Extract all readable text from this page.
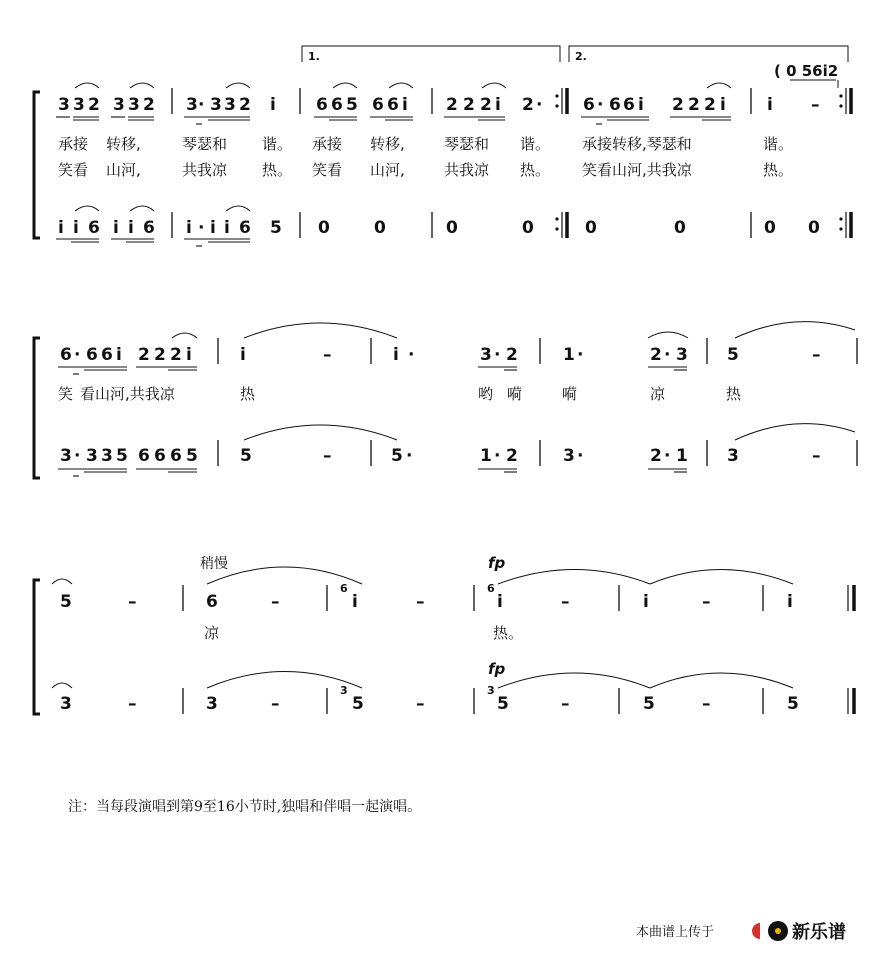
1.	2.
( 0 56i2
3 3 2 3 3 2 3 · 3 3 2 i 6 6 5 6 6 i 2 2 2 i 2 · 6 · 6 6 i 2 2 2 i i –
承接 转移,	琴瑟和 谐。 承接 转移,	琴瑟和 谐。 承接转移,琴瑟和	谐。
笑看 山河,	共我凉 热。 笑看 山河,	共我凉 热。 笑看山河,共我凉	热。
i i 6 i i 6 i · i i 6 5 0	0	0	0	0	0	0 0
6 · 6 6 i 2 2 2 i	i	–	i ·	3 · 2	1 ·	2 · 3 5	–
笑 看山河,共我凉	热	哟 嗬	嗬	凉	热
3 · 3 3 5 6 6 6 5 5	–	5 ·	1 · 2	3 ·	2 · 1 3	–
稍慢	fp
5	–	6	–	i	–	i	–	i	–	i
6	6
凉	热。
fp
3	–	3	–	5	–	5	–	5	–	5
3	3
注：当每段演唱到第9至16小节时,独唱和伴唱一起演唱。
本曲谱上传于	新乐谱
